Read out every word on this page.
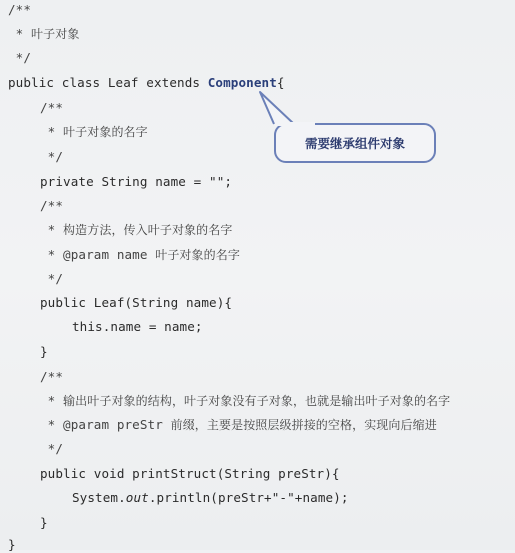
/**
* 叶子对象
*/
public class Leaf extends Component{
/**
* 叶子对象的名字
*/
private String name = "";
/**
* 构造方法，传入叶子对象的名字
* @param name 叶子对象的名字
*/
public Leaf(String name){
this.name = name;
}
/**
* 输出叶子对象的结构，叶子对象没有子对象，也就是输出叶子对象的名字
* @param preStr 前缀，主要是按照层级拼接的空格，实现向后缩进
*/
public void printStruct(String preStr){
System.out.println(preStr+"-"+name);
}
}
需要继承组件对象
